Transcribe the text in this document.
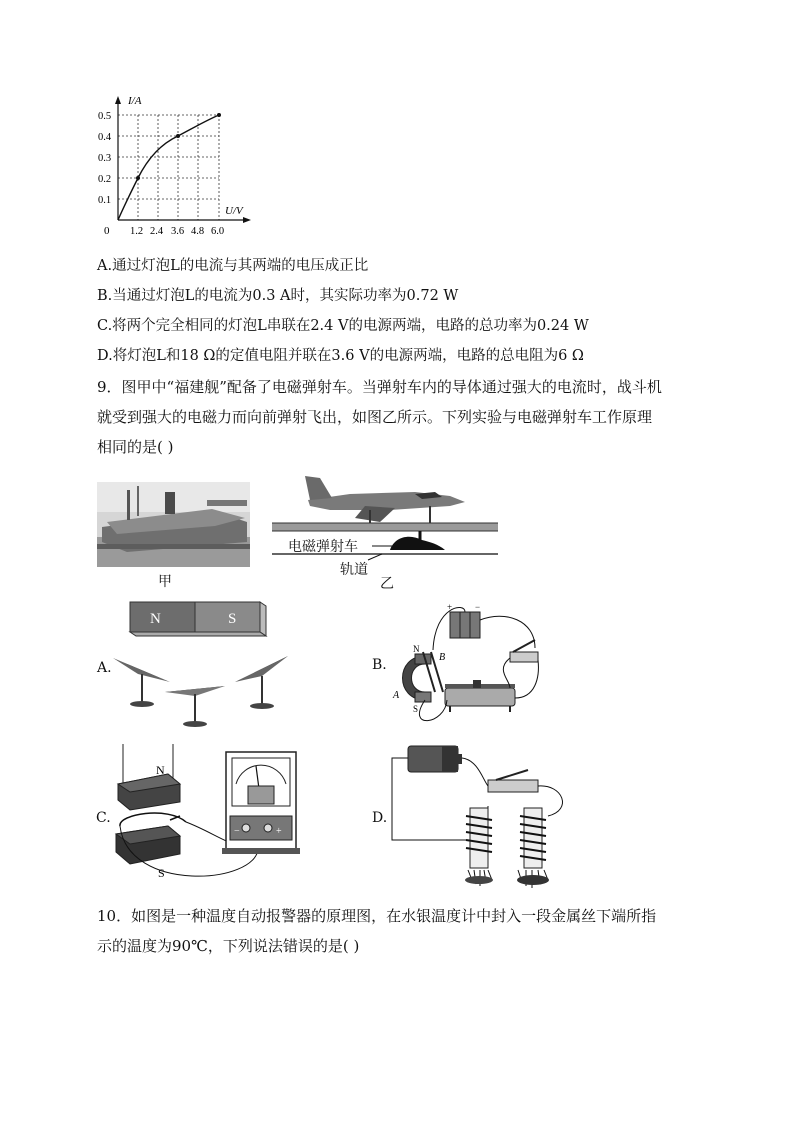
I/A
U/V
0
0.5
0.4
0.3
0.2
0.1
1.2 2.4 3.6 4.8 6.0
A.通过灯泡L的电流与其两端的电压成正比
B.当通过灯泡L的电流为0.3 A时，其实际功率为0.72 W
C.将两个完全相同的灯泡L串联在2.4 V的电源两端，电路的总功率为0.24 W
D.将灯泡L和18 Ω的定值电阻并联在3.6 V的电源两端，电路的总电阻为6 Ω
9．图甲中“福建舰”配备了电磁弹射车。当弹射车内的导体通过强大的电流时，战斗机
就受到强大的电磁力而向前弹射飞出，如图乙所示。下列实验与电磁弹射车工作原理
相同的是( )
甲
电磁弹射车
轨道
乙
N	S
A.
+	−
N
S
A
B
B.
N
S
−	+
C.	D.
10．如图是一种温度自动报警器的原理图，在水银温度计中封入一段金属丝下端所指
示的温度为90℃，下列说法错误的是( )
